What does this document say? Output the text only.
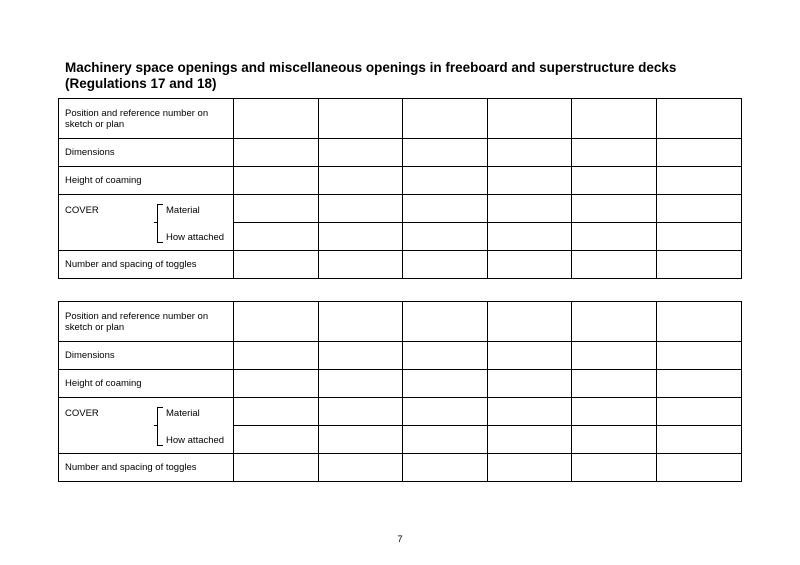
Machinery space openings and miscellaneous openings in freeboard and superstructure decks
(Regulations 17 and 18)
Position and reference number on sketch or plan						
Dimensions						
Height of coaming						

COVER Material
How attached						

Number and spacing of toggles						
Position and reference number on sketch or plan						
Dimensions						
Height of coaming						

COVER Material
How attached						

Number and spacing of toggles						
7
